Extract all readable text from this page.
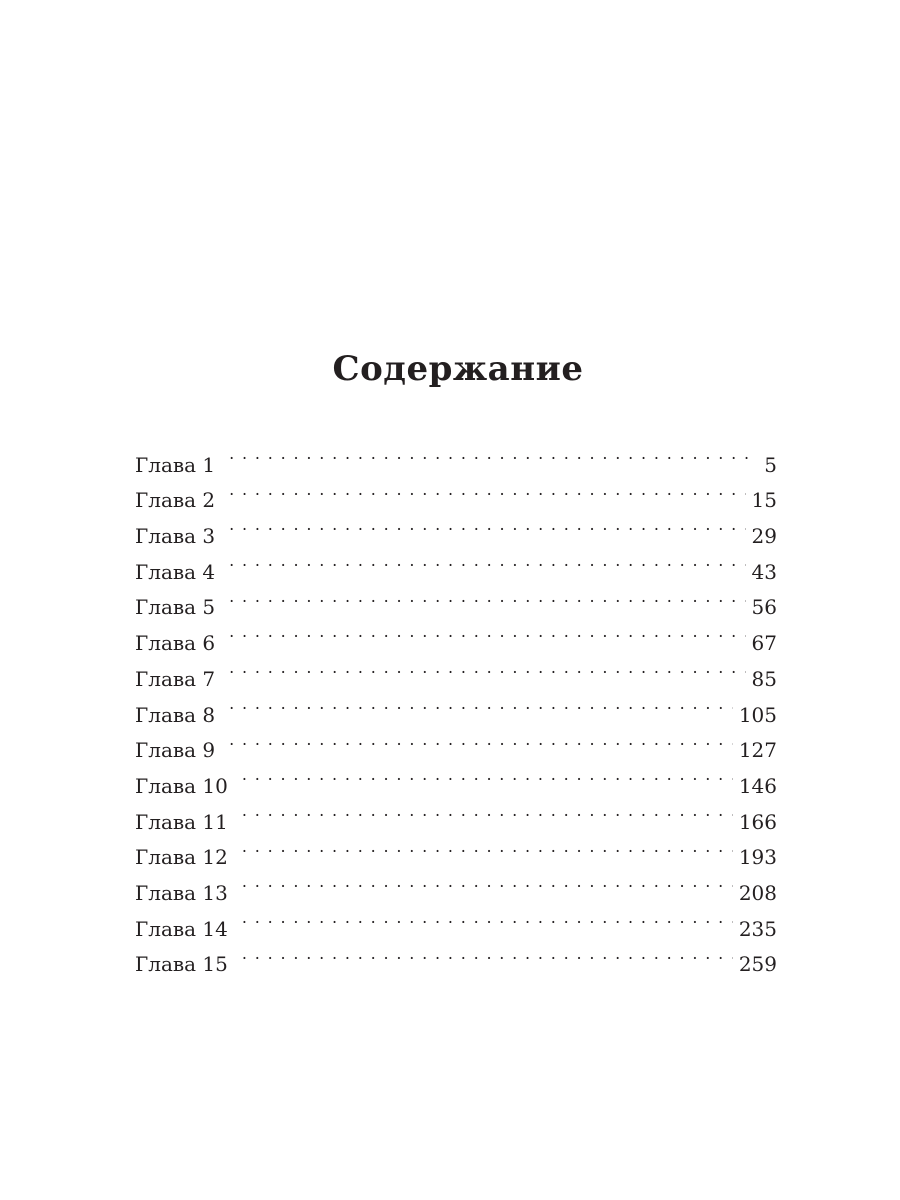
Содержание
Глава 1 . . .	5
Глава 2 . . .	15
Глава 3 . . .	29
Глава 4 . . .	43
Глава 5 . . .	56
Глава 6 . . .	67
Глава 7 . . .	85
Глава 8 . . .	105
Глава 9 . . .	127
Глава 10 . . .	146
Глава 11 . . .	166
Глава 12 . . .	193
Глава 13 . . .	208
Глава 14 . . .	235
Глава 15 . . .	259
